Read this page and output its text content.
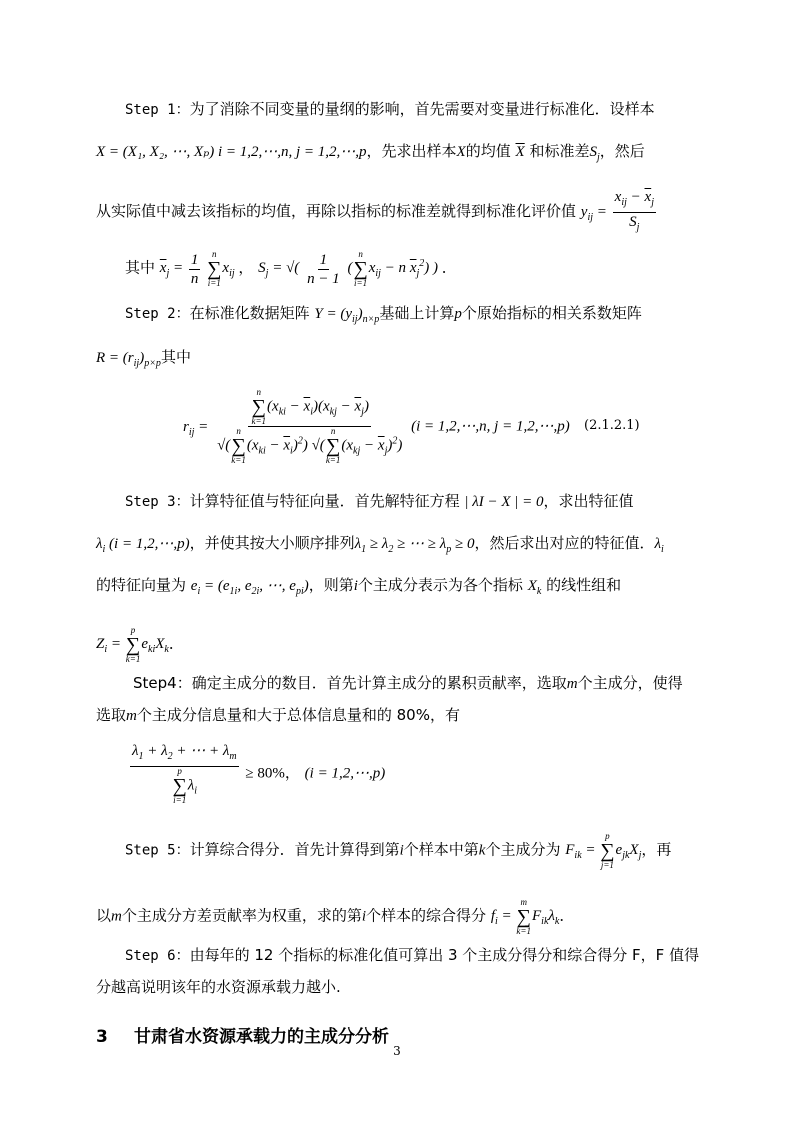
Step 1：为了消除不同变量的量纲的影响，首先需要对变量进行标准化．设样本
X = (X₁, X₂, ⋯, Xₚ) i = 1,2,⋯,n, j = 1,2,⋯,p，先求出样本X的均值 $\overline{X}$ 和标准差$S_j$，然后
从实际值中减去该指标的均值，再除以指标的标准差就得到标准化评价值 $y_{ij} = \frac{x_{ij} - \overline{x}_j}{S_j}$
其中 $\overline{x}_j = \frac{1}{n}$
n
∑
i=1
$x_{ij}$ ， $S_j$ = √( $\frac{1}{n - 1}$ (
n
∑
i=1
$x_{ij} - n$ $\overline{x}_j^2$) ) ．
Step 2：在标准化数据矩阵 $Y = (y_{ij})_{n\times p}$基础上计算p个原始指标的相关系数矩阵
$R = (r_{ij})_{p\times p}$其中
$r_{ij} = n$
∑
k=1
$(x_{ki} - \overline{x}_i)(x_{kj} - \overline{x}_j)$
√(
n
∑
k=1
$(x_{ki} - \overline{x}_i)^2$) √(
n
∑
k=1
$(x_{kj} - \overline{x}_j)^2$) (i = 1,2,⋯,n, j = 1,2,⋯,p)	(2.1.2.1)
Step 3：计算特征值与特征向量．首先解特征方程 | λI − X | = 0，求出特征值
$\lambda_i$ (i = 1,2,⋯,p)，并使其按大小顺序排列$\lambda_1 \ge \lambda_2$ ≥ ⋯ ≥ $\lambda_p \ge 0$，然后求出对应的特征值．$\lambda_i$
的特征向量为 $e_i = (e_{1i}$, $e_{2i}$, ⋯, $e_{pi}$)，则第i个主成分表示为各个指标 $X_k$ 的线性组和
$Z_i$ =
p
∑
k=1
$e_{ki}X_k$．
Step4：确定主成分的数目．首先计算主成分的累积贡献率，选取m个主成分，使得
选取m个主成分信息量和大于总体信息量和的 80%，有
$\lambda_1 + \lambda_2$ + ⋯ + $\lambda_m$
p
∑
i=1
$\lambda_i \ge 80\%$， (i = 1,2,⋯,p)
Step 5：计算综合得分．首先计算得到第i个样本中第k个主成分为 $F_{ik}$ =
p
∑
j=1
$e_{jk}X_j$，再
以m个主成分方差贡献率为权重，求的第i个样本的综合得分 $f_i$ =
m
∑
k=1
$F_{ik}\lambda_k$．
Step 6：由每年的 12 个指标的标准化值可算出 3 个主成分得分和综合得分 F，F 值得
分越高说明该年的水资源承载力越小.
3 甘肃省水资源承载力的主成分分析
3
